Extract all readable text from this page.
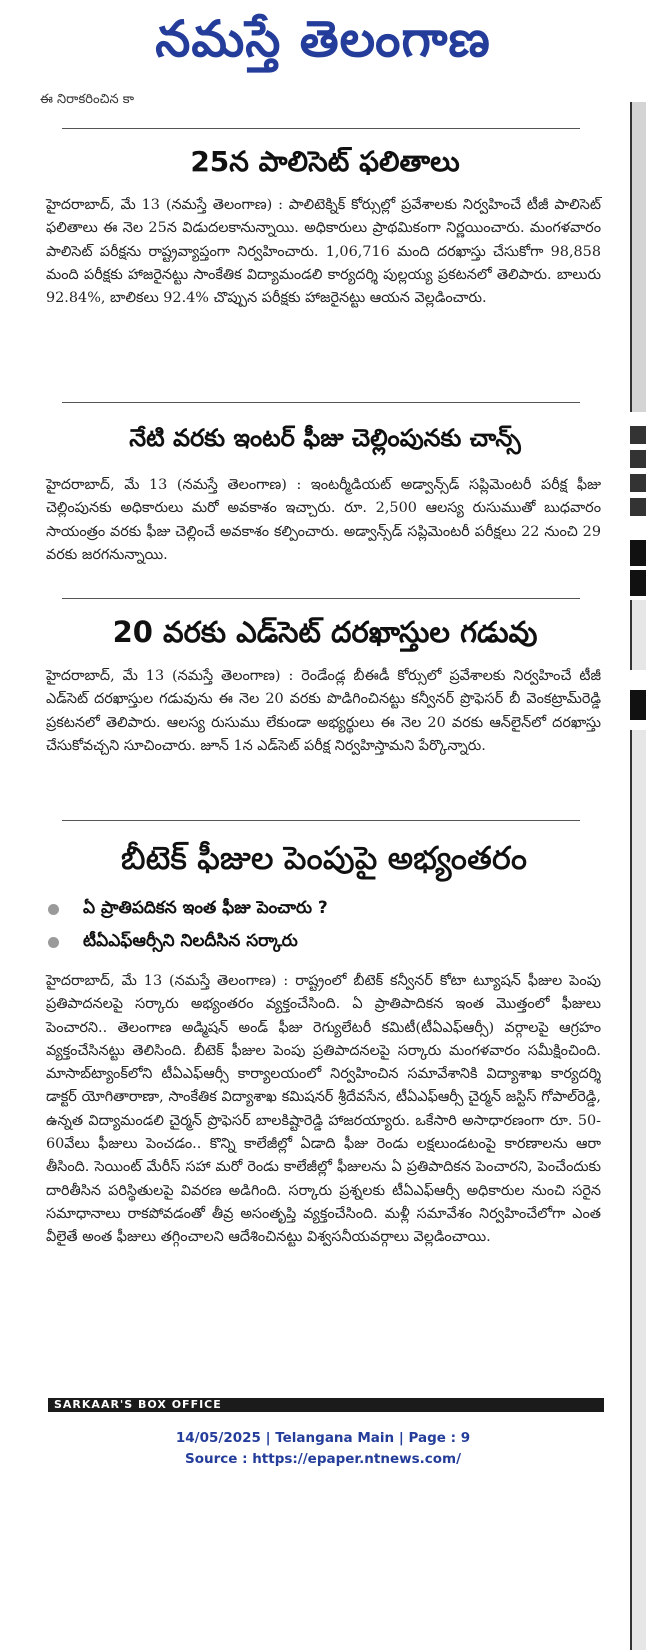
నమస్తే తెలంగాణ
ఈ నిరాకరించిన కా
25న పాలిసెట్ ఫలితాలు

హైదరాబాద్, మే 13 (నమస్తే తెలంగాణ) : పాలిటెక్నిక్ కోర్సుల్లో ప్రవేశాలకు నిర్వహించే టీజీ పాలిసెట్ ఫలితాలు ఈ నెల 25న విడుదలకానున్నాయి. అధికారులు ప్రాథమికంగా నిర్ణయించారు. మంగళవారం పాలిసెట్ పరీక్షను రాష్ట్రవ్యాప్తంగా నిర్వహించారు. 1,06,716 మంది దరఖాస్తు చేసుకోగా 98,858 మంది పరీక్షకు హాజరైనట్టు సాంకేతిక విద్యామండలి కార్యదర్శి పుల్లయ్య ప్రకటనలో తెలిపారు. బాలురు 92.84%, బాలికలు 92.4% చొప్పున పరీక్షకు హాజరైనట్టు ఆయన వెల్లడించారు.

నేటి వరకు ఇంటర్ ఫీజు చెల్లింపునకు చాన్స్

హైదరాబాద్, మే 13 (నమస్తే తెలంగాణ) : ఇంటర్మీడియట్ అడ్వాన్స్‌డ్ సప్లిమెంటరీ పరీక్ష ఫీజు చెల్లింపునకు అధికారులు మరో అవకాశం ఇచ్చారు. రూ. 2,500 ఆలస్య రుసుముతో బుధవారం సాయంత్రం వరకు ఫీజు చెల్లించే అవకాశం కల్పించారు. అడ్వాన్స్‌డ్ సప్లిమెంటరీ పరీక్షలు 22 నుంచి 29 వరకు జరగనున్నాయి.

20 వరకు ఎడ్‌సెట్ దరఖాస్తుల గడువు

హైదరాబాద్, మే 13 (నమస్తే తెలంగాణ) : రెండేండ్ల బీఈడీ కోర్సులో ప్రవేశాలకు నిర్వహించే టీజీ ఎడ్‌సెట్ దరఖాస్తుల గడువును ఈ నెల 20 వరకు పొడిగించినట్టు కన్వీనర్ ప్రొఫెసర్ బీ వెంకట్రామ్‌రెడ్డి ప్రకటనలో తెలిపారు. ఆలస్య రుసుము లేకుండా అభ్యర్థులు ఈ నెల 20 వరకు ఆన్‌లైన్‌లో దరఖాస్తు చేసుకోవచ్చని సూచించారు. జూన్ 1న ఎడ్‌సెట్ పరీక్ష నిర్వహిస్తామని పేర్కొన్నారు.

బీటెక్ ఫీజుల పెంపుపై అభ్యంతరం
ఏ ప్రాతిపదికన ఇంత ఫీజు పెంచారు ?
టీఏఎఫ్‌ఆర్సీని నిలదీసిన సర్కారు

హైదరాబాద్, మే 13 (నమస్తే తెలంగాణ) : రాష్ట్రంలో బీటెక్ కన్వీనర్ కోటా ట్యూషన్ ఫీజుల పెంపు ప్రతిపాదనలపై సర్కారు అభ్యంతరం వ్యక్తంచేసింది. ఏ ప్రాతిపాదికన ఇంత మొత్తంలో ఫీజులు పెంచారని.. తెలంగాణ అడ్మిషన్ అండ్ ఫీజు రెగ్యులేటరీ కమిటీ(టీఏఎఫ్‌ఆర్సీ) వర్గాలపై ఆగ్రహం వ్యక్తంచేసినట్టు తెలిసింది. బీటెక్ ఫీజుల పెంపు ప్రతిపాదనలపై సర్కారు మంగళవారం సమీక్షించింది. మాసాబ్‌ట్యాంక్‌లోని టీఏఎఫ్‌ఆర్సీ కార్యాలయంలో నిర్వహించిన సమావేశానికి విద్యాశాఖ కార్యదర్శి డాక్టర్ యోగితారాణా, సాంకేతిక విద్యాశాఖ కమిషనర్ శ్రీదేవసేన, టీఏఎఫ్‌ఆర్సీ చైర్మన్ జస్టిస్ గోపాల్‌రెడ్డి, ఉన్నత విద్యామండలి చైర్మన్ ప్రొఫెసర్ బాలకిష్టారెడ్డి హాజరయ్యారు. ఒకేసారి అసాధారణంగా రూ. 50-60వేలు ఫీజులు పెంచడం.. కొన్ని కాలేజీల్లో ఏడాది ఫీజు రెండు లక్షలుండటంపై కారణాలను ఆరా తీసింది. సెయింట్ మేరీస్ సహా మరో రెండు కాలేజీల్లో ఫీజులను ఏ ప్రతిపాదికన పెంచారని, పెంచేందుకు దారితీసిన పరిస్థితులపై వివరణ అడిగింది. సర్కారు ప్రశ్నలకు టీఏఎఫ్‌ఆర్సీ అధికారుల నుంచి సరైన సమాధానాలు రాకపోవడంతో తీవ్ర అసంతృప్తి వ్యక్తంచేసింది. మళ్లీ సమావేశం నిర్వహించేలోగా ఎంత వీలైతే అంత ఫీజులు తగ్గించాలని ఆదేశించినట్టు విశ్వసనీయవర్గాలు వెల్లడించాయి.

SARKAAR'S BOX OFFICE
14/05/2025 | Telangana Main | Page : 9
Source : https://epaper.ntnews.com/
